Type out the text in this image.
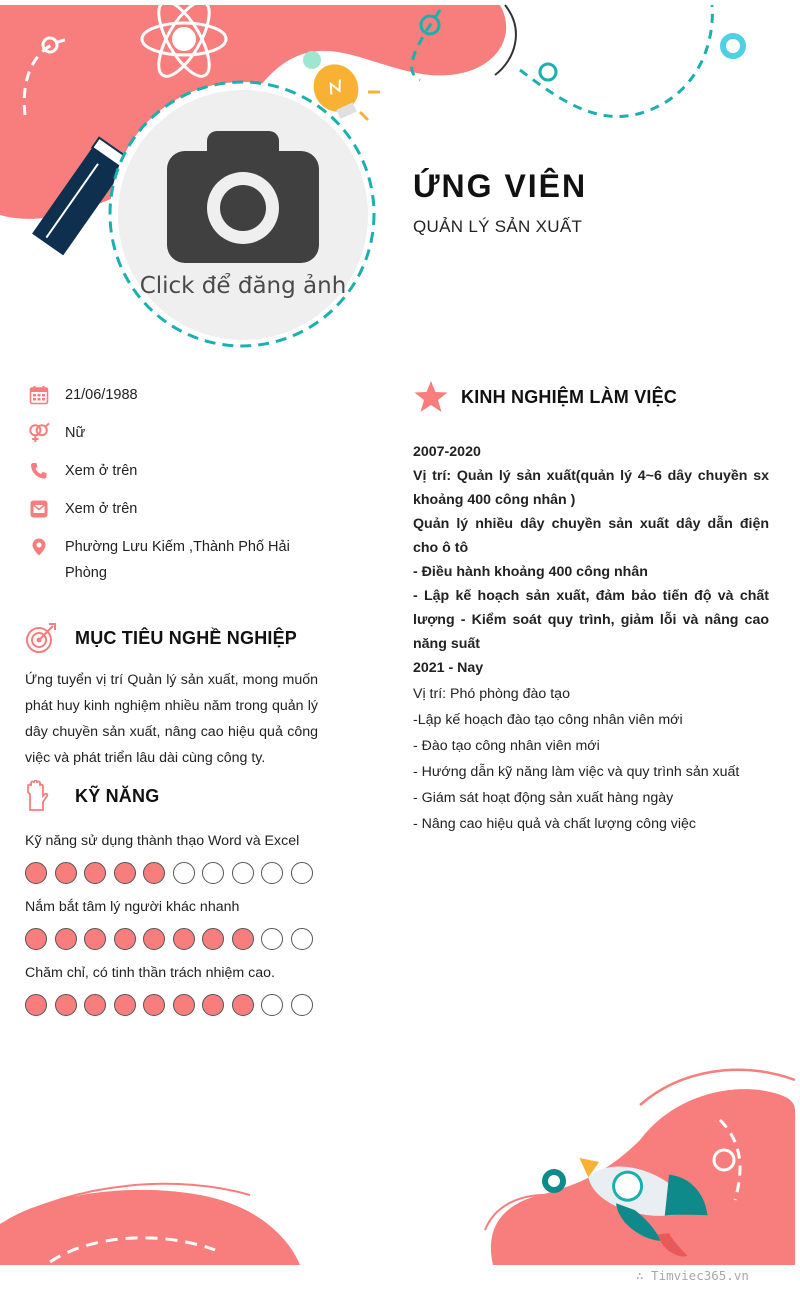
Click để đăng ảnh
ỨNG VIÊN
QUẢN LÝ SẢN XUẤT
21/06/1988
Nữ
Xem ở trên
Xem ở trên
Phường Lưu Kiếm ,Thành Phố Hải Phòng
MỤC TIÊU NGHỀ NGHIỆP
Ứng tuyển vị trí Quản lý sản xuất, mong muốn phát huy kinh nghiệm nhiều năm trong quản lý dây chuyền sản xuất, nâng cao hiệu quả công việc và phát triển lâu dài cùng công ty.
KỸ NĂNG
Kỹ năng sử dụng thành thạo Word và Excel
Nắm bắt tâm lý người khác nhanh
Chăm chỉ, có tinh thần trách nhiệm cao.
KINH NGHIỆM LÀM VIỆC

2007-2020

Vị trí: Quản lý sản xuất(quản lý 4~6 dây chuyền sx khoảng 400 công nhân )

Quản lý nhiều dây chuyền sản xuất dây dẫn điện cho ô tô

- Điều hành khoảng 400 công nhân

- Lập kế hoạch sản xuất, đảm bảo tiến độ và chất lượng - Kiểm soát quy trình, giảm lỗi và nâng cao năng suất

2021 - Nay

Vị trí: Phó phòng đào tạo

-Lập kế hoạch đào tạo công nhân viên mới

- Đào tạo công nhân viên mới

- Hướng dẫn kỹ năng làm việc và quy trình sản xuất

- Giám sát hoạt động sản xuất hàng ngày

- Nâng cao hiệu quả và chất lượng công việc

∴ Timviec365.vn
